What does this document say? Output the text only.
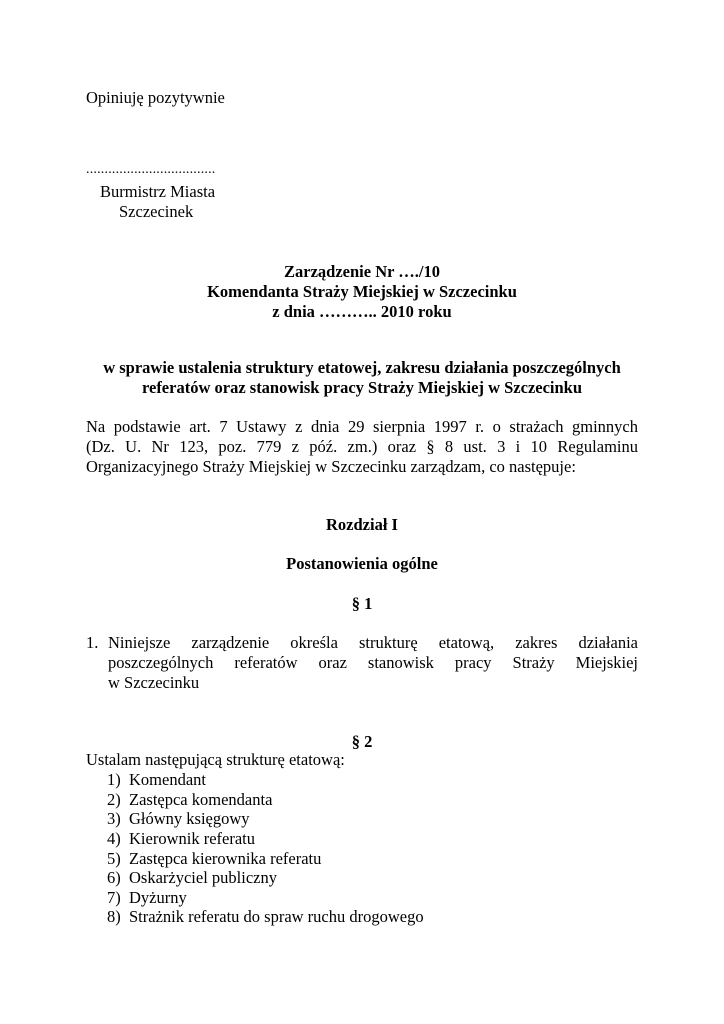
Opiniuję pozytywnie
...................................
Burmistrz Miasta
Szczecinek
Zarządzenie Nr …./10
Komendanta Straży Miejskiej w Szczecinku
z dnia ……….. 2010 roku
w sprawie ustalenia struktury etatowej, zakresu działania poszczególnych
referatów oraz stanowisk pracy Straży Miejskiej w Szczecinku
Na podstawie art. 7 Ustawy z dnia 29 sierpnia 1997 r. o strażach gminnych
(Dz. U. Nr 123, poz. 779 z póź. zm.) oraz § 8 ust. 3 i 10 Regulaminu
Organizacyjnego Straży Miejskiej w Szczecinku zarządzam, co następuje:
Rozdział I
Postanowienia ogólne
§ 1
1. Niniejsze zarządzenie określa strukturę etatową, zakres działania
poszczególnych referatów oraz stanowisk pracy Straży Miejskiej
w Szczecinku
§ 2
Ustalam następującą strukturę etatową:
1) Komendant
2) Zastępca komendanta
3) Główny księgowy
4) Kierownik referatu
5) Zastępca kierownika referatu
6) Oskarżyciel publiczny
7) Dyżurny
8) Strażnik referatu do spraw ruchu drogowego
